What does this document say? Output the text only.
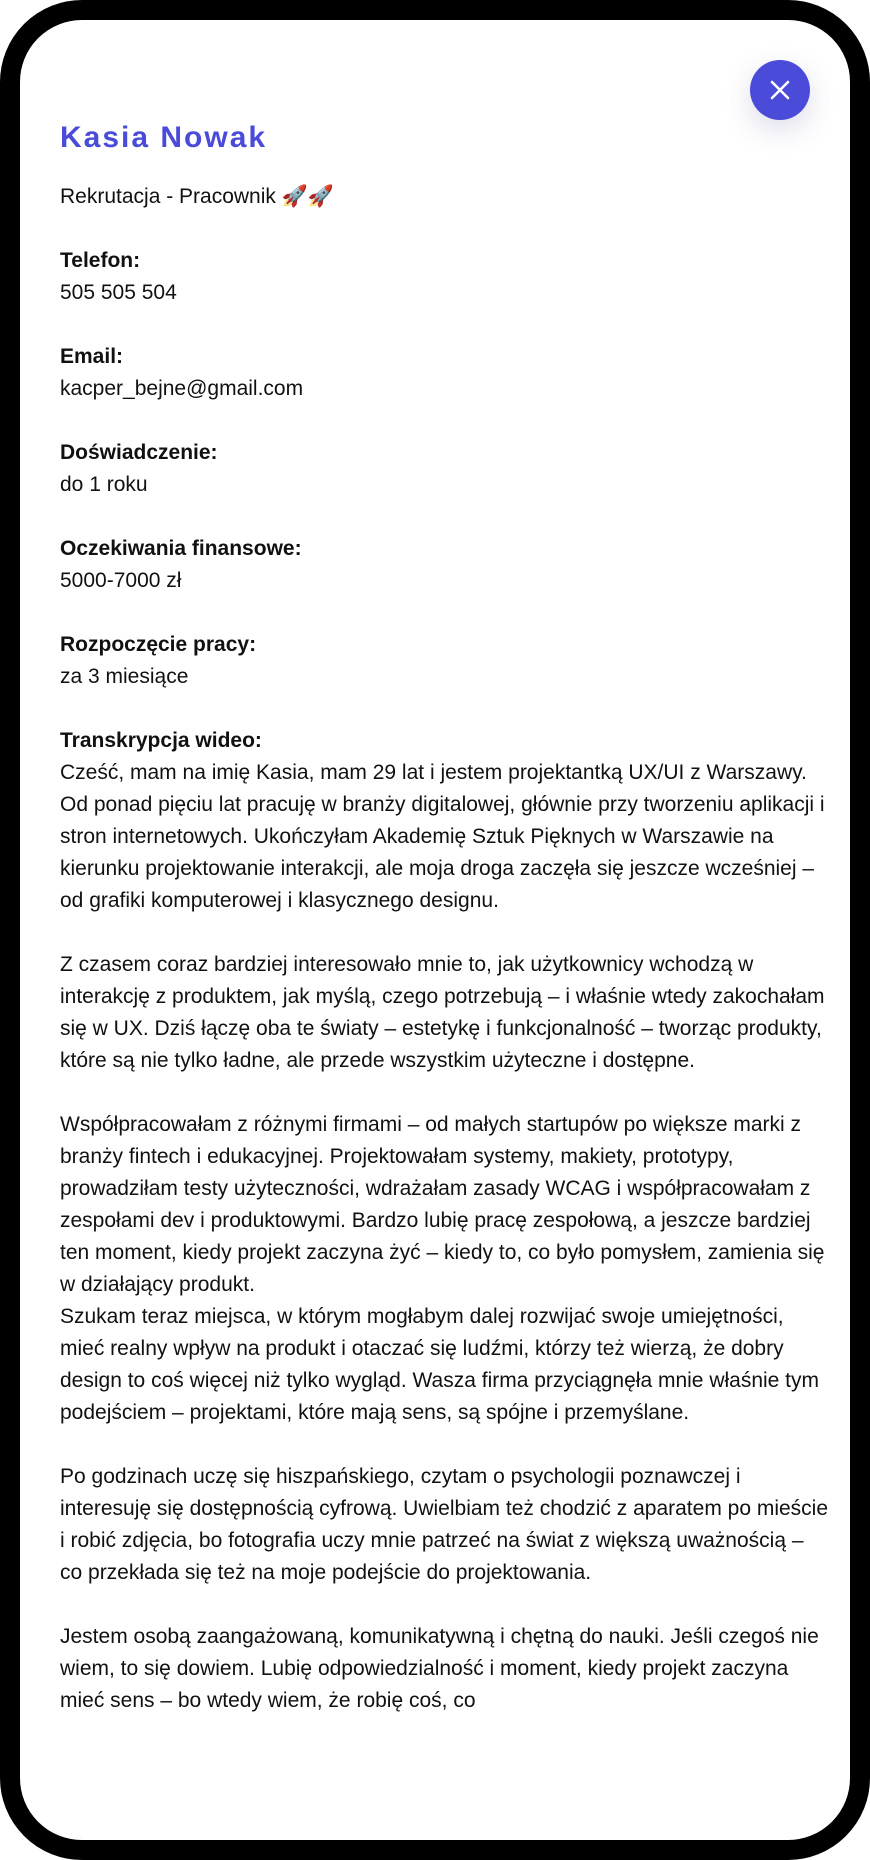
Kasia Nowak

Rekrutacja - Pracownik 🚀🚀

Telefon:
505 505 504
Email:
kacper_bejne@gmail.com
Doświadczenie:
do 1 roku
Oczekiwania finansowe:
5000-7000 zł
Rozpoczęcie pracy:
za 3 miesiące
Transkrypcja wideo:

Cześć, mam na imię Kasia, mam 29 lat i jestem projektantką UX/UI z Warszawy. Od ponad pięciu lat pracuję w branży digitalowej, głównie przy tworzeniu aplikacji i stron internetowych. Ukończyłam Akademię Sztuk Pięknych w Warszawie na kierunku projektowanie interakcji, ale moja droga zaczęła się jeszcze wcześniej – od grafiki komputerowej i klasycznego designu.

Z czasem coraz bardziej interesowało mnie to, jak użytkownicy wchodzą w interakcję z produktem, jak myślą, czego potrzebują – i właśnie wtedy zakochałam się w UX. Dziś łączę oba te światy – estetykę i funkcjonalność – tworząc produkty, które są nie tylko ładne, ale przede wszystkim użyteczne i dostępne.

Współpracowałam z różnymi firmami – od małych startupów po większe marki z branży fintech i edukacyjnej. Projektowałam systemy, makiety, prototypy, prowadziłam testy użyteczności, wdrażałam zasady WCAG i współpracowałam z zespołami dev i produktowymi. Bardzo lubię pracę zespołową, a jeszcze bardziej ten moment, kiedy projekt zaczyna żyć – kiedy to, co było pomysłem, zamienia się w działający produkt.

Szukam teraz miejsca, w którym mogłabym dalej rozwijać swoje umiejętności, mieć realny wpływ na produkt i otaczać się ludźmi, którzy też wierzą, że dobry design to coś więcej niż tylko wygląd. Wasza firma przyciągnęła mnie właśnie tym podejściem – projektami, które mają sens, są spójne i przemyślane.

Po godzinach uczę się hiszpańskiego, czytam o psychologii poznawczej i interesuję się dostępnością cyfrową. Uwielbiam też chodzić z aparatem po mieście i robić zdjęcia, bo fotografia uczy mnie patrzeć na świat z większą uważnością – co przekłada się też na moje podejście do projektowania.

Jestem osobą zaangażowaną, komunikatywną i chętną do nauki. Jeśli czegoś nie wiem, to się dowiem. Lubię odpowiedzialność i moment, kiedy projekt zaczyna mieć sens – bo wtedy wiem, że robię coś, co
